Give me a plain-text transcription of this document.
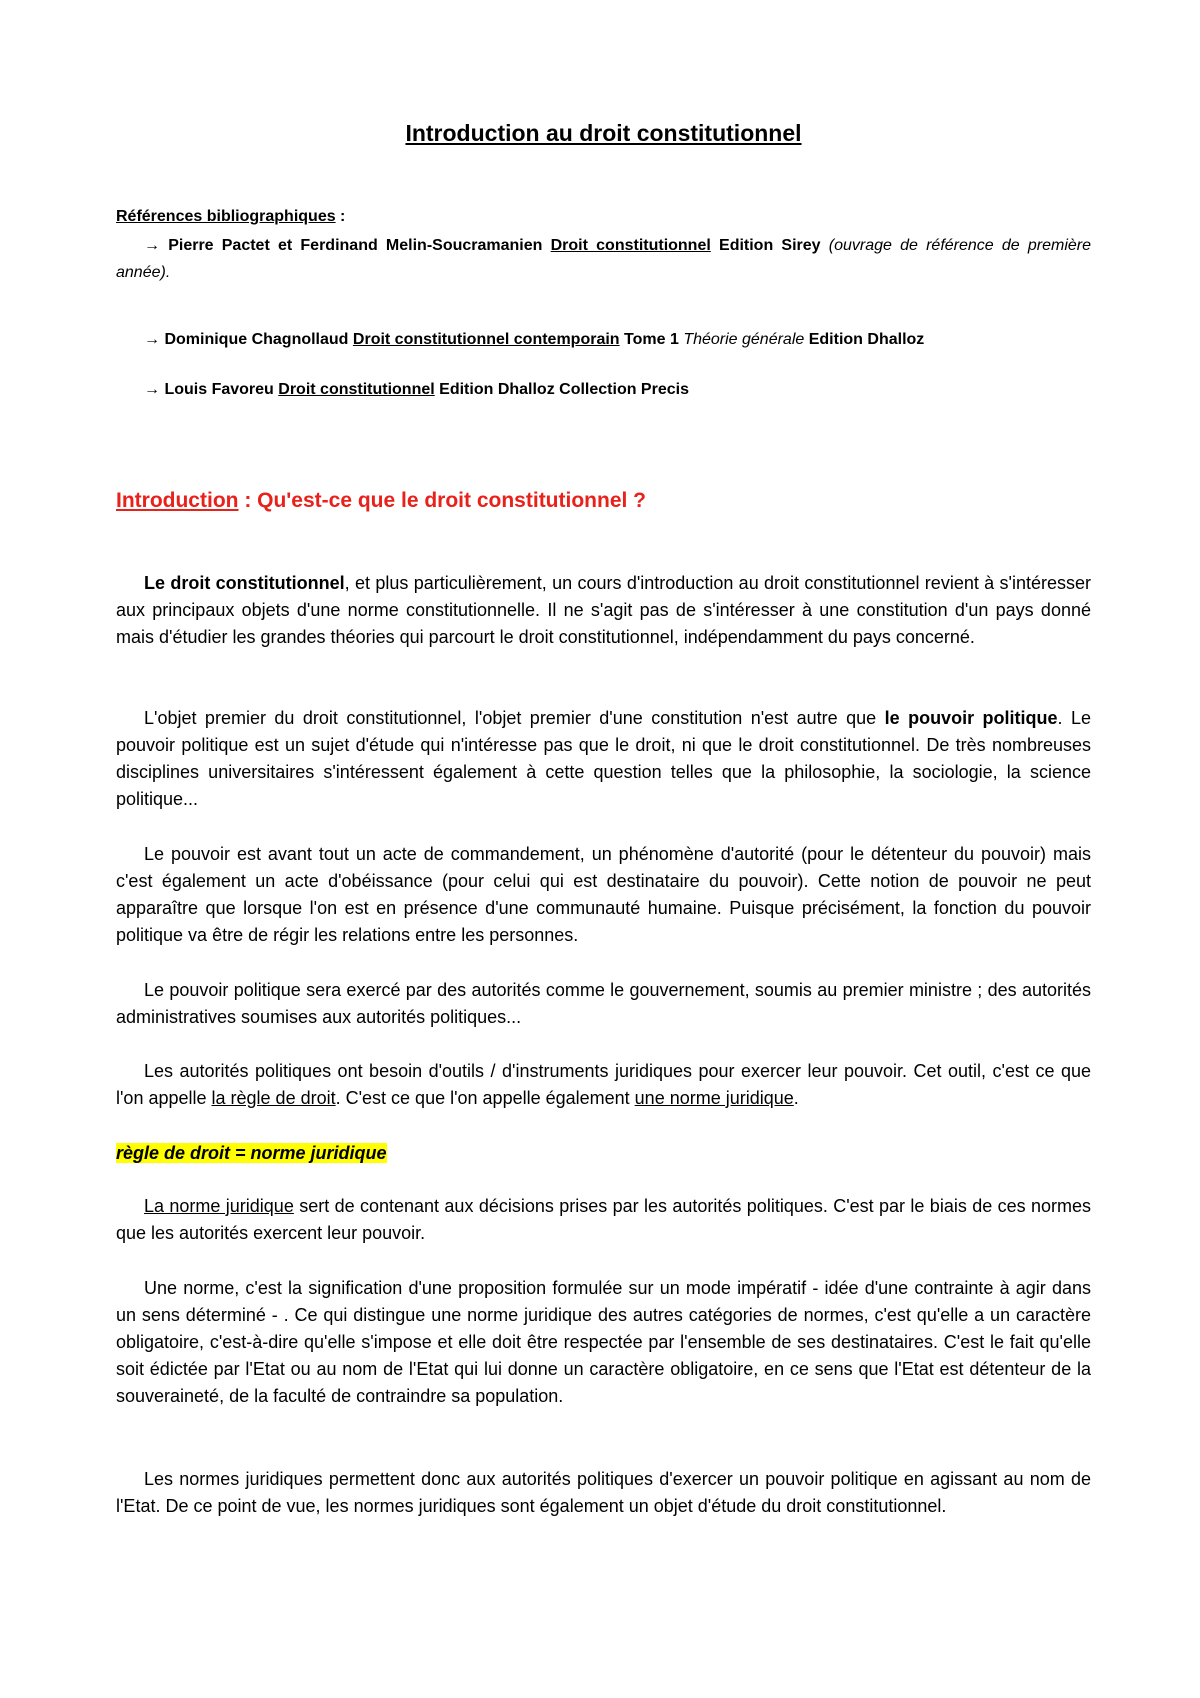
Introduction au droit constitutionnel
Références bibliographiques :
→ Pierre Pactet et Ferdinand Melin-Soucramanien Droit constitutionnel Edition Sirey (ouvrage de référence de première année).
→ Dominique Chagnollaud Droit constitutionnel contemporain Tome 1 Théorie générale Edition Dhalloz
→ Louis Favoreu Droit constitutionnel Edition Dhalloz Collection Precis
Introduction : Qu'est-ce que le droit constitutionnel ?
Le droit constitutionnel, et plus particulièrement, un cours d'introduction au droit constitutionnel revient à s'intéresser aux principaux objets d'une norme constitutionnelle. Il ne s'agit pas de s'intéresser à une constitution d'un pays donné mais d'étudier les grandes théories qui parcourt le droit constitutionnel, indépendamment du pays concerné.
L'objet premier du droit constitutionnel, l'objet premier d'une constitution n'est autre que le pouvoir politique. Le pouvoir politique est un sujet d'étude qui n'intéresse pas que le droit, ni que le droit constitutionnel. De très nombreuses disciplines universitaires s'intéressent également à cette question telles que la philosophie, la sociologie, la science politique...
Le pouvoir est avant tout un acte de commandement, un phénomène d'autorité (pour le détenteur du pouvoir) mais c'est également un acte d'obéissance (pour celui qui est destinataire du pouvoir). Cette notion de pouvoir ne peut apparaître que lorsque l'on est en présence d'une communauté humaine. Puisque précisément, la fonction du pouvoir politique va être de régir les relations entre les personnes.
Le pouvoir politique sera exercé par des autorités comme le gouvernement, soumis au premier ministre ; des autorités administratives soumises aux autorités politiques...
Les autorités politiques ont besoin d'outils / d'instruments juridiques pour exercer leur pouvoir. Cet outil, c'est ce que l'on appelle la règle de droit. C'est ce que l'on appelle également une norme juridique.
règle de droit = norme juridique
La norme juridique sert de contenant aux décisions prises par les autorités politiques. C'est par le biais de ces normes que les autorités exercent leur pouvoir.
Une norme, c'est la signification d'une proposition formulée sur un mode impératif - idée d'une contrainte à agir dans un sens déterminé - . Ce qui distingue une norme juridique des autres catégories de normes, c'est qu'elle a un caractère obligatoire, c'est-à-dire qu'elle s'impose et elle doit être respectée par l'ensemble de ses destinataires. C'est le fait qu'elle soit édictée par l'Etat ou au nom de l'Etat qui lui donne un caractère obligatoire, en ce sens que l'Etat est détenteur de la souveraineté, de la faculté de contraindre sa population.
Les normes juridiques permettent donc aux autorités politiques d'exercer un pouvoir politique en agissant au nom de l'Etat. De ce point de vue, les normes juridiques sont également un objet d'étude du droit constitutionnel.
